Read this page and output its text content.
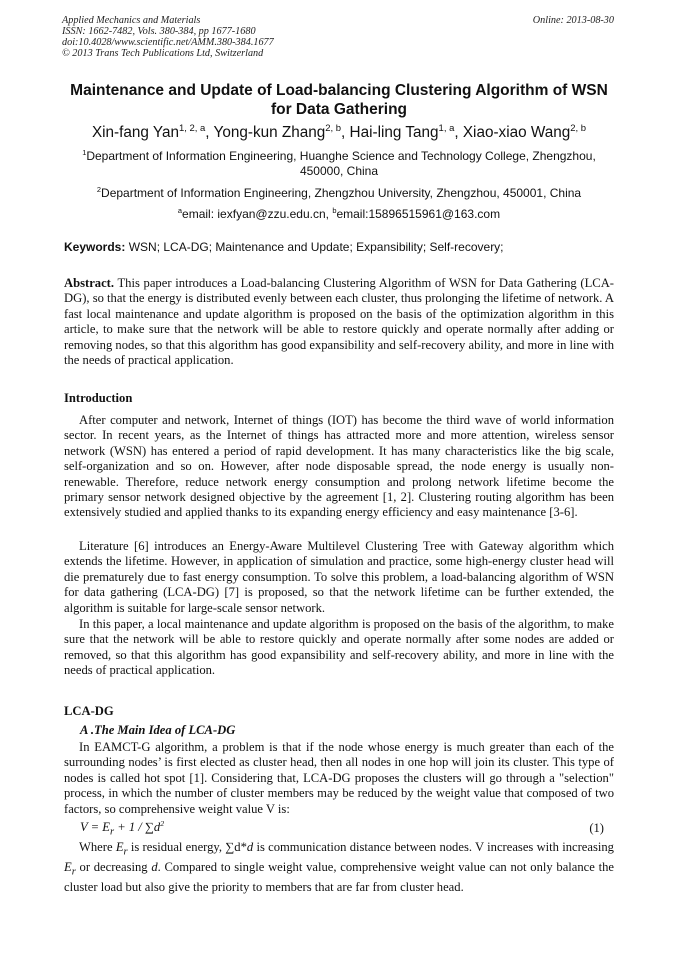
Applied Mechanics and Materials
ISSN: 1662-7482, Vols. 380-384, pp 1677-1680
doi:10.4028/www.scientific.net/AMM.380-384.1677
© 2013 Trans Tech Publications Ltd, Switzerland
Online: 2013-08-30
Maintenance and Update of Load-balancing Clustering Algorithm of WSN for Data Gathering
Xin-fang Yan$^{1, 2, a}$, Yong-kun Zhang$^{2, b}$, Hai-ling Tang$^{1, a}$, Xiao-xiao Wang$^{2, b}$
$^1$Department of Information Engineering, Huanghe Science and Technology College, Zhengzhou, 450000, China
$^2$Department of Information Engineering, Zhengzhou University, Zhengzhou, 450001, China
$^a$email: iexfyan@zzu.edu.cn, $^b$email:15896515961@163.com
Keywords: WSN; LCA-DG; Maintenance and Update; Expansibility; Self-recovery;
Abstract. This paper introduces a Load-balancing Clustering Algorithm of WSN for Data Gathering (LCA-DG), so that the energy is distributed evenly between each cluster, thus prolonging the lifetime of network. A fast local maintenance and update algorithm is proposed on the basis of the optimization algorithm in this article, to make sure that the network will be able to restore quickly and operate normally after adding or removing nodes, so that this algorithm has good expansibility and self-recovery ability, and more in line with the needs of practical application.
Introduction
After computer and network, Internet of things (IOT) has become the third wave of world information sector. In recent years, as the Internet of things has attracted more and more attention, wireless sensor network (WSN) has entered a period of rapid development. It has many characteristics like the big scale, self-organization and so on. However, after node disposable spread, the node energy is usually non-renewable. Therefore, reduce network energy consumption and prolong network lifetime become the primary sensor network designed objective by the agreement [1, 2]. Clustering routing algorithm has been extensively studied and applied thanks to its expanding energy efficiency and easy maintenance [3-6].
Literature [6] introduces an Energy-Aware Multilevel Clustering Tree with Gateway algorithm which extends the lifetime. However, in application of simulation and practice, some high-energy cluster head will die prematurely due to fast energy consumption. To solve this problem, a load-balancing algorithm of WSN for data gathering (LCA-DG) [7] is proposed, so that the network lifetime can be further extended, the algorithm is suitable for large-scale sensor network.
In this paper, a local maintenance and update algorithm is proposed on the basis of the algorithm, to make sure that the network will be able to restore quickly and operate normally after some nodes are added or removed, so that this algorithm has good expansibility and self-recovery ability, and more in line with the needs of practical application.
LCA-DG
A .The Main Idea of LCA-DG
In EAMCT-G algorithm, a problem is that if the node whose energy is much greater than each of the surrounding nodes’ is first elected as cluster head, then all nodes in one hop will join its cluster. This type of nodes is called hot spot [1]. Considering that, LCA-DG proposes the clusters will go through a "selection" process, in which the number of cluster members may be reduced by the weight value that composed of two factors, so comprehensive weight value V is:
$V = E_r + 1 / \sum d^2$	(1)
Where $E_r$ is residual energy, ∑d*d is communication distance between nodes. V increases with increasing $E_r$ or decreasing d. Compared to single weight value, comprehensive weight value can not only balance the cluster load but also give the priority to members that are far from cluster head.
